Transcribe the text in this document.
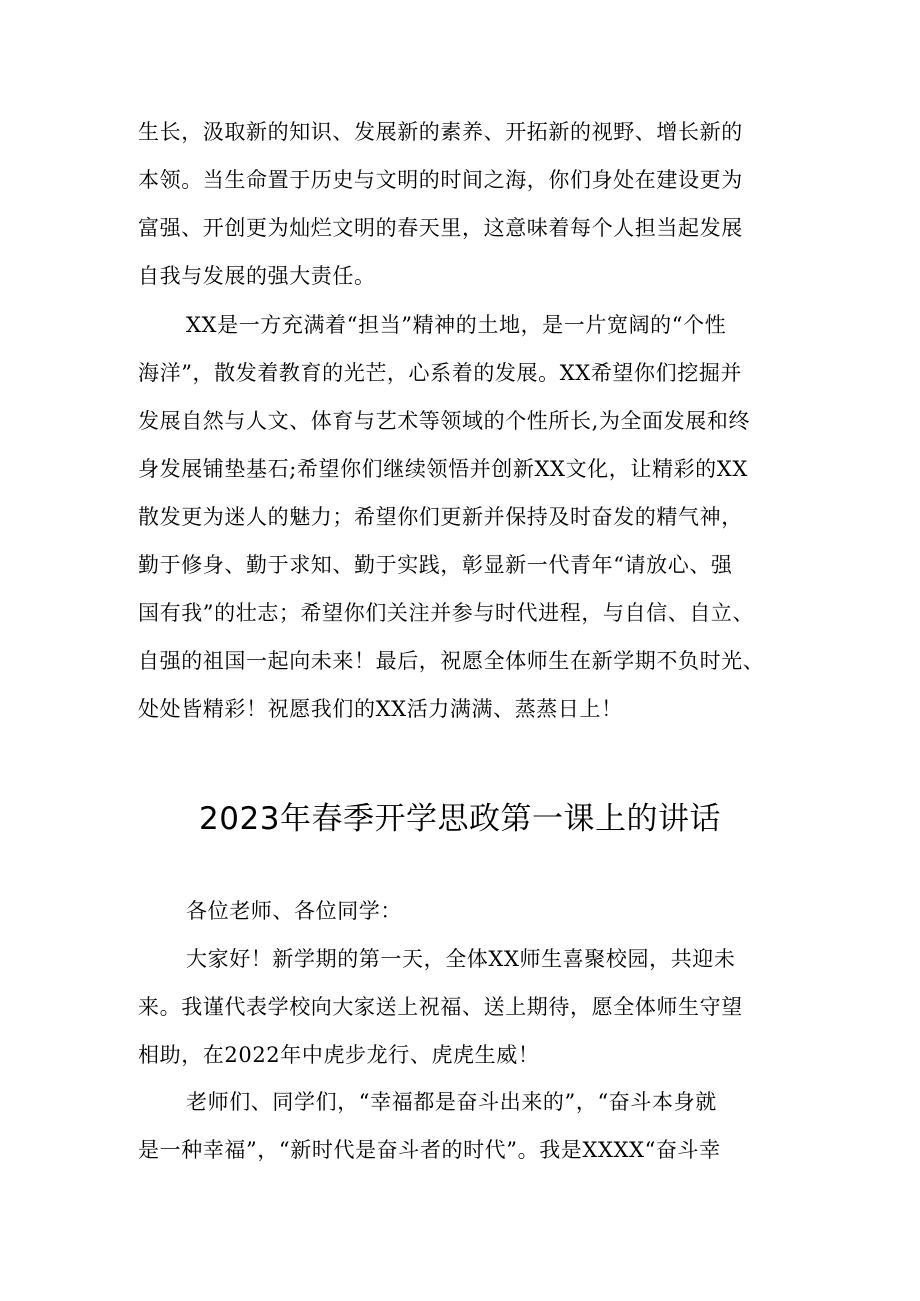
生长，汲取新的知识、发展新的素养、开拓新的视野、增长新的
本领。当生命置于历史与文明的时间之海，你们身处在建设更为
富强、开创更为灿烂文明的春天里，这意味着每个人担当起发展
自我与发展的强大责任。
XX是一方充满着“担当”精神的土地，是一片宽阔的“个性
海洋”，散发着教育的光芒，心系着的发展。XX希望你们挖掘并
发展自然与人文、体育与艺术等领域的个性所长,为全面发展和终
身发展铺垫基石;希望你们继续领悟并创新XX文化，让精彩的XX
散发更为迷人的魅力；希望你们更新并保持及时奋发的精气神，
勤于修身、勤于求知、勤于实践，彰显新一代青年“请放心、强
国有我”的壮志；希望你们关注并参与时代进程，与自信、自立、
自强的祖国一起向未来！最后，祝愿全体师生在新学期不负时光、
处处皆精彩！祝愿我们的XX活力满满、蒸蒸日上！
2023年春季开学思政第一课上的讲话
各位老师、各位同学：
大家好！新学期的第一天，全体XX师生喜聚校园，共迎未
来。我谨代表学校向大家送上祝福、送上期待，愿全体师生守望
相助，在2022年中虎步龙行、虎虎生威！
老师们、同学们，“幸福都是奋斗出来的”，“奋斗本身就
是一种幸福”，“新时代是奋斗者的时代”。我是XXXX“奋斗幸
